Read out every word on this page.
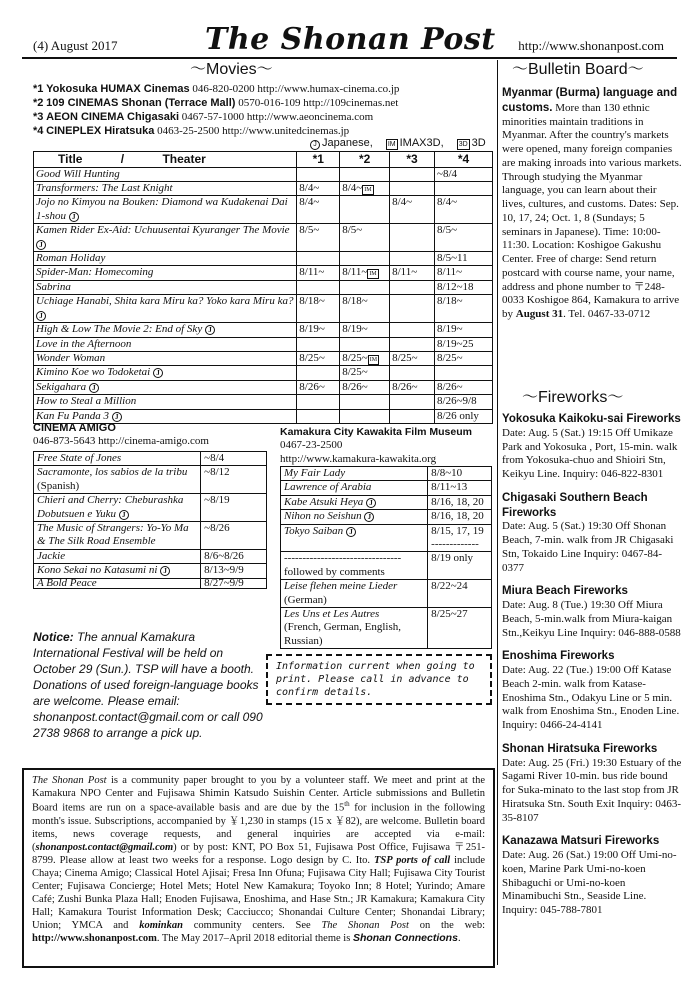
(4) August 2017	The Shonan Post http://www.shonanpost.com
〜Movies〜
*1 Yokosuka HUMAX Cinemas 046-820-0200 http://www.humax-cinema.co.jp
*2 109 CINEMAS Shonan (Terrace Mall) 0570-016-109 http://109cinemas.net
*3 AEON CINEMA Chigasaki 0467-57-1000 http://www.aeoncinema.com
*4 CINEPLEX Hiratsuka 0463-25-2500 http://www.unitedcinemas.jp
J Japanese, IM IMAX3D, 3D 3D
Title / Theater	*1	*2	*3	*4
Good Will Hunting				~8/4
Transformers: The Last Knight	8/4~	8/4~ IM		
Jojo no Kimyou na Bouken: Diamond wa Kudakenai Dai 1-shou J	8/4~		8/4~	8/4~
Kamen Rider Ex-Aid: Uchuusentai Kyuranger The Movie J	8/5~	8/5~		8/5~
Roman Holiday				8/5~11
Spider-Man: Homecoming	8/11~	8/11~ IM	8/11~	8/11~
Sabrina				8/12~18
Uchiage Hanabi, Shita kara Miru ka? Yoko kara Miru ka? J	8/18~	8/18~		8/18~
High & Low The Movie 2: End of Sky J	8/19~	8/19~		8/19~
Love in the Afternoon				8/19~25
Wonder Woman	8/25~	8/25~ IM	8/25~	8/25~
Kimino Koe wo Todoketai J		8/25~		
Sekigahara J	8/26~	8/26~	8/26~	8/26~
How to Steal a Million				8/26~9/8
Kan Fu Panda 3 J				8/26 only
CINEMA AMIGO
046-873-5643 http://cinema-amigo.com
Free State of Jones	~8/4
Sacramonte, los sabios de la tribu (Spanish)	~8/12
Chieri and Cherry: Cheburashka Dobutsuen e Yuku J	~8/19
The Music of Strangers: Yo-Yo Ma & The Silk Road Ensemble	~8/26
Jackie	8/6~8/26
Kono Sekai no Katasumi ni J	8/13~9/9
A Bold Peace	8/27~9/9
Kamakura City Kawakita Film Museum
0467-23-2500
http://www.kamakura-kawakita.org
My Fair Lady	8/8~10
Lawrence of Arabia	8/11~13
Kabe Atsuki Heya J	8/16, 18, 20
Nihon no Seishun J	8/16, 18, 20
Tokyo Saiban J	8/15, 17, 19
-------------
--------------------------------
followed by comments	8/19 only
Leise flehen meine Lieder
(German)	8/22~24
Les Uns et Les Autres
(French, German, English, Russian)	8/25~27
Notice: The annual Kamakura International Festival will be held on October 29 (Sun.). TSP will have a booth. Donations of used foreign-language books are welcome. Please email: shonanpost.contact@gmail.com or call 090 2738 9868 to arrange a pick up.
Information current when going to print. Please call in advance to confirm details.
The Shonan Post is a community paper brought to you by a volunteer staff. We meet and print at the Kamakura NPO Center and Fujisawa Shimin Katsudo Suishin Center. Article submissions and Bulletin Board items are run on a space-available basis and are due by the 15th for inclusion in the following month's issue. Subscriptions, accompanied by ￥1,230 in stamps (15 x ￥82), are welcome. Bulletin board items, news coverage requests, and general inquiries are accepted via e-mail: (shonanpost.contact@gmail.com) or by post: KNT, PO Box 51, Fujisawa Post Office, Fujisawa 〒251-8799. Please allow at least two weeks for a response. Logo design by C. Ito. TSP ports of call include Chaya; Cinema Amigo; Classical Hotel Ajisai; Fresa Inn Ofuna; Fujisawa City Hall; Fujisawa City Tourist Center; Fujisawa Concierge; Hotel Mets; Hotel New Kamakura; Toyoko Inn; 8 Hotel; Yurindo; Amare Café; Zushi Bunka Plaza Hall; Enoden Fujisawa, Enoshima, and Hase Stn.; JR Kamakura; Kamakura City Hall; Kamakura Tourist Information Desk; Cacciucco; Shonandai Culture Center; Shonandai Library; Union; YMCA and kominkan community centers. See The Shonan Post on the web: http://www.shonanpost.com. The May 2017–April 2018 editorial theme is Shonan Connections.
〜Bulletin Board〜
Myanmar (Burma) language and customs. More than 130 ethnic minorities maintain traditions in Myanmar. After the country's markets were opened, many foreign companies are making inroads into various markets. Through studying the Myanmar language, you can learn about their lives, cultures, and customs. Dates: Sep. 10, 17, 24; Oct. 1, 8 (Sundays; 5 seminars in Japanese). Time: 10:00-11:30. Location: Koshigoe Gakushu Center. Free of charge: Send return postcard with course name, your name, address and phone number to 〒248-0033 Koshigoe 864, Kamakura to arrive by August 31. Tel. 0467-33-0712
〜Fireworks〜
Yokosuka Kaikoku-sai Fireworks
Date: Aug. 5 (Sat.) 19:15 Off Umikaze Park and Yokosuka , Port, 15-min. walk from Yokosuka-chuo and Shioiri Stn, Keikyu Line. Inquiry: 046-822-8301
Chigasaki Southern Beach Fireworks
Date: Aug. 5 (Sat.) 19:30 Off Shonan Beach, 7-min. walk from JR Chigasaki Stn, Tokaido Line Inquiry: 0467-84-0377
Miura Beach Fireworks
Date: Aug. 8 (Tue.) 19:30 Off Miura Beach, 5-min.walk from Miura-kaigan Stn.,Keikyu Line Inquiry: 046-888-0588
Enoshima Fireworks
Date: Aug. 22 (Tue.) 19:00 Off Katase Beach 2-min. walk from Katase-Enoshima Stn., Odakyu Line or 5 min. walk from Enoshima Stn., Enoden Line. Inquiry: 0466-24-4141
Shonan Hiratsuka Fireworks
Date: Aug. 25 (Fri.) 19:30 Estuary of the Sagami River 10-min. bus ride bound for Suka-minato to the last stop from JR Hiratsuka Stn. South Exit Inquiry: 0463-35-8107
Kanazawa Matsuri Fireworks
Date: Aug. 26 (Sat.) 19:00 Off Umi-no-koen, Marine Park Umi-no-koen Shibaguchi or Umi-no-koen Minamibuchi Stn., Seaside Line. Inquiry: 045-788-7801
